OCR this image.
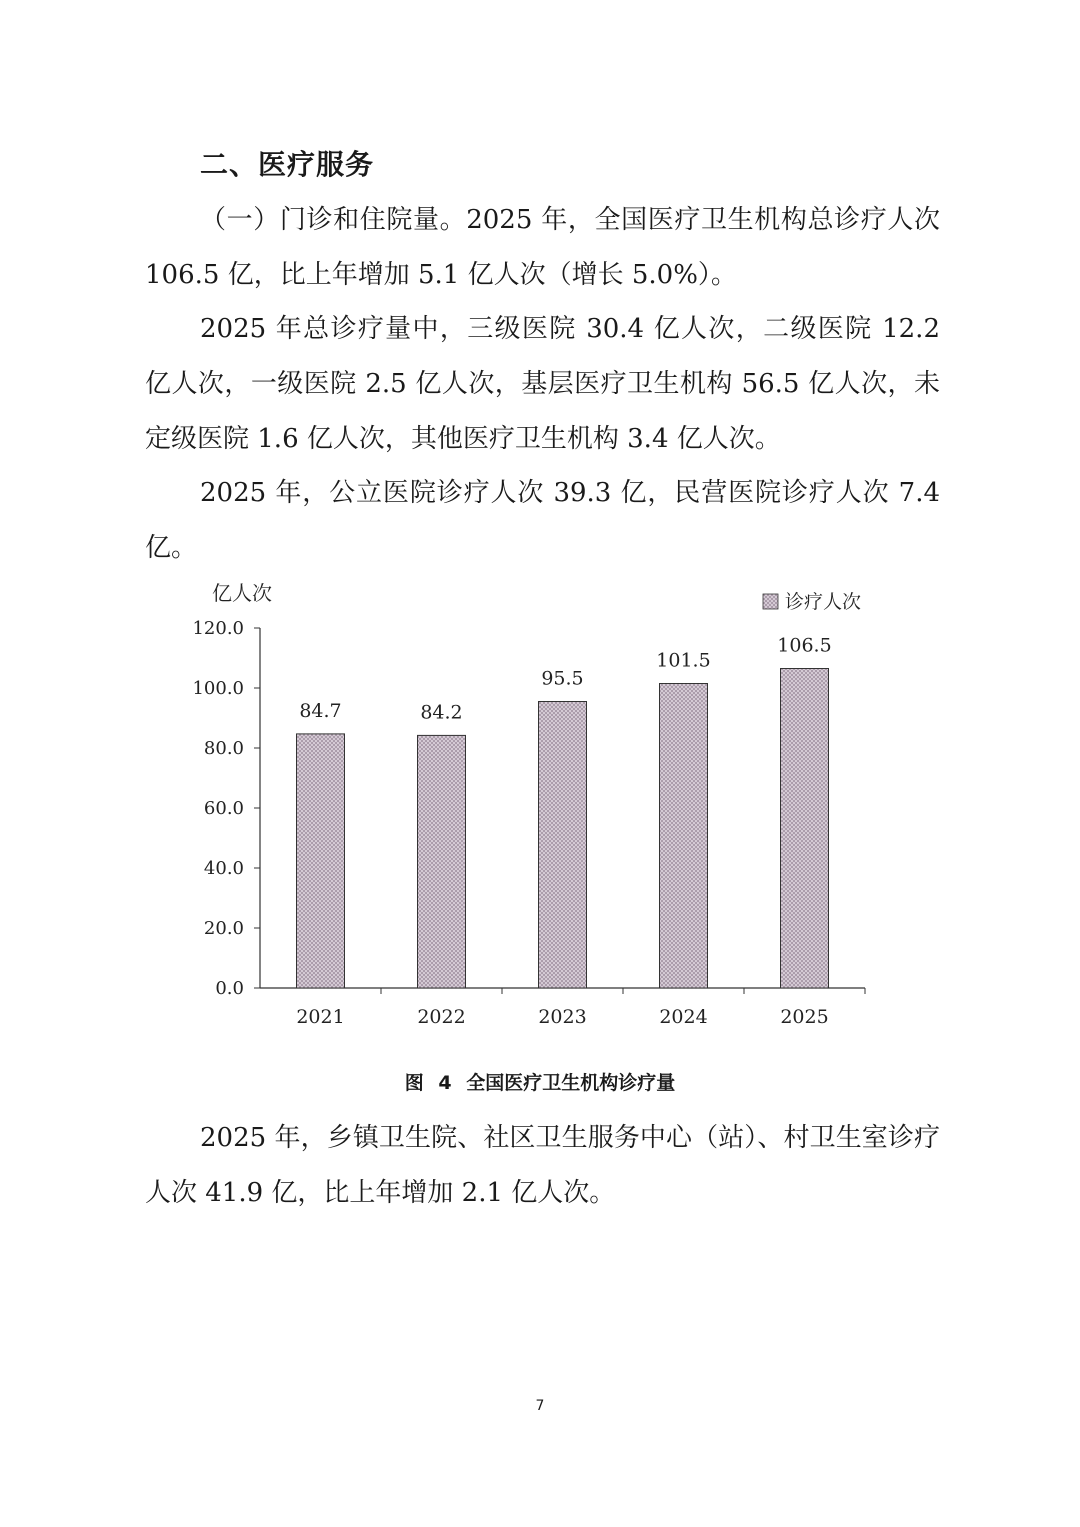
二、医疗服务

（一）门诊和住院量。2025 年，全国医疗卫生机构总诊疗人次 106.5 亿，比上年增加 5.1 亿人次（增长 5.0%）。

2025 年总诊疗量中，三级医院 30.4 亿人次，二级医院 12.2 亿人次，一级医院 2.5 亿人次，基层医疗卫生机构 56.5 亿人次，未定级医院 1.6 亿人次，其他医疗卫生机构 3.4 亿人次。

2025 年，公立医院诊疗人次 39.3 亿，民营医院诊疗人次 7.4 亿。

亿人次
0.0
20.0
40.0
60.0
80.0
100.0
120.0
2021	2022	2023	2024	2025
84.7	84.2
95.5
101.5
106.5
诊疗人次

图 4 全国医疗卫生机构诊疗量

2025 年，乡镇卫生院、社区卫生服务中心（站）、村卫生室诊疗人次 41.9 亿，比上年增加 2.1 亿人次。

7
